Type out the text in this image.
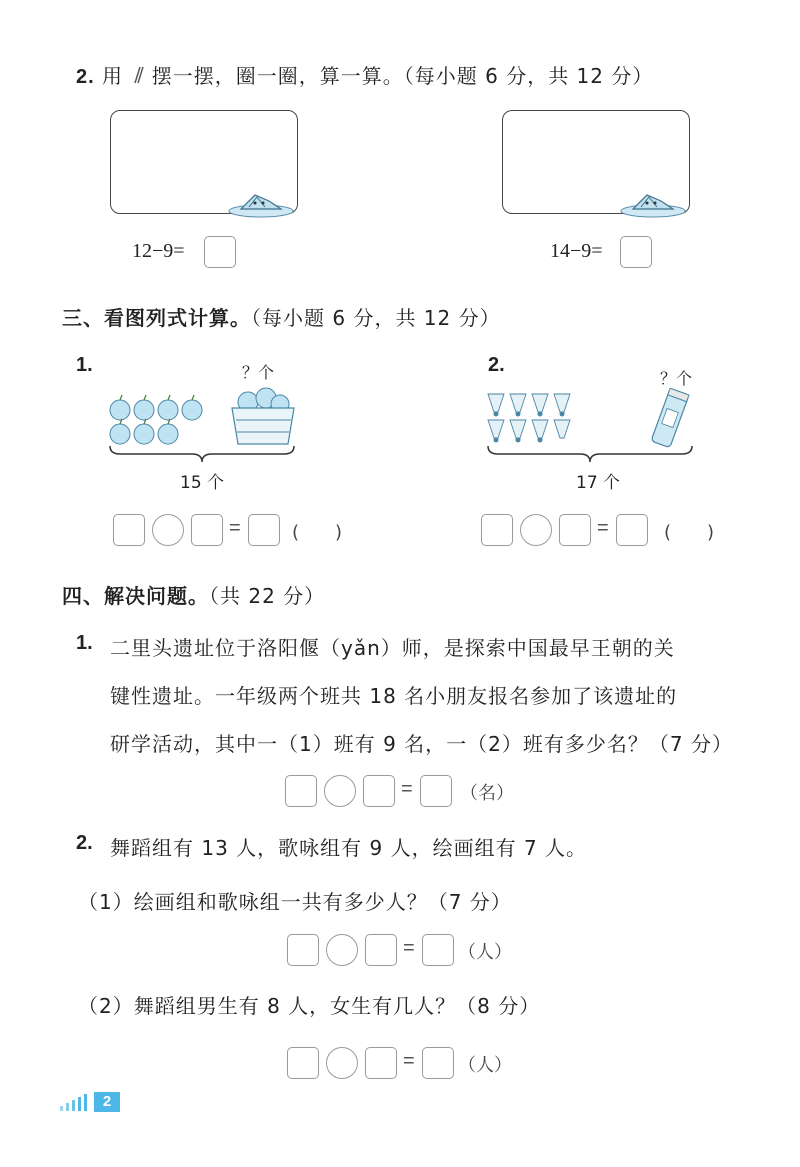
2. 用 摆一摆，圈一圈，算一算。（每小题 6 分，共 12 分）
12−9=	14−9=
三、看图列式计算。（每小题 6 分，共 12 分）
1.	？个
15 个
=	(　　)
2.
？个
17 个
=	(　　)
四、解决问题。（共 22 分）
1. 二里头遗址位于洛阳偃（yǎn）师，是探索中国最早王朝的关
键性遗址。一年级两个班共 18 名小朋友报名参加了该遗址的
研学活动，其中一（1）班有 9 名，一（2）班有多少名？（7 分）
=	（名）
2. 舞蹈组有 13 人，歌咏组有 9 人，绘画组有 7 人。
（1）绘画组和歌咏组一共有多少人？（7 分）
= （人）
（2）舞蹈组男生有 8 人，女生有几人？（8 分）
= （人）
2
